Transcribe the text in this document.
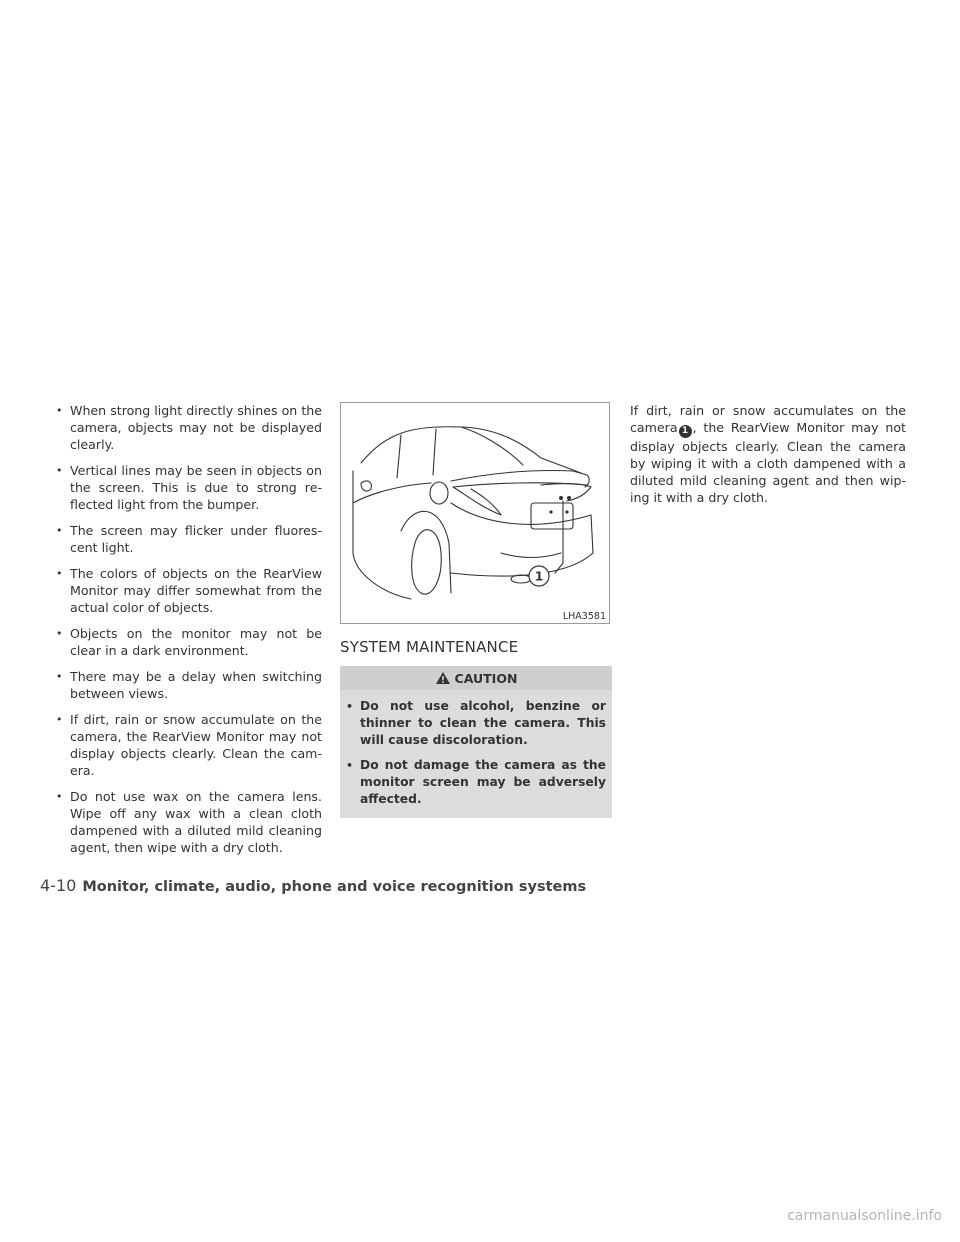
• When strong light directly shines on the camera, objects may not be displayed clearly.
• Vertical lines may be seen in objects on the screen. This is due to strong re- flected light from the bumper.
• The screen may flicker under fluores- cent light.
• The colors of objects on the RearView Monitor may differ somewhat from the actual color of objects.
• Objects on the monitor may not be clear in a dark environment.
• There may be a delay when switching between views.
• If dirt, rain or snow accumulate on the camera, the RearView Monitor may not display objects clearly. Clean the cam- era.
• Do not use wax on the camera lens. Wipe off any wax with a clean cloth dampened with a diluted mild cleaning agent, then wipe with a dry cloth.
1
LHA3581
SYSTEM MAINTENANCE
CAUTION
• Do not use alcohol, benzine or thinner to clean the camera. This will cause discoloration.
• Do not damage the camera as the monitor screen may be adversely affected.

If dirt, rain or snow accumulates on the camera 1 , the RearView Monitor may not display objects clearly. Clean the camera by wiping it with a cloth dampened with a diluted mild cleaning agent and then wip- ing it with a dry cloth.

4-10 Monitor, climate, audio, phone and voice recognition systems
carmanualsonline.info
